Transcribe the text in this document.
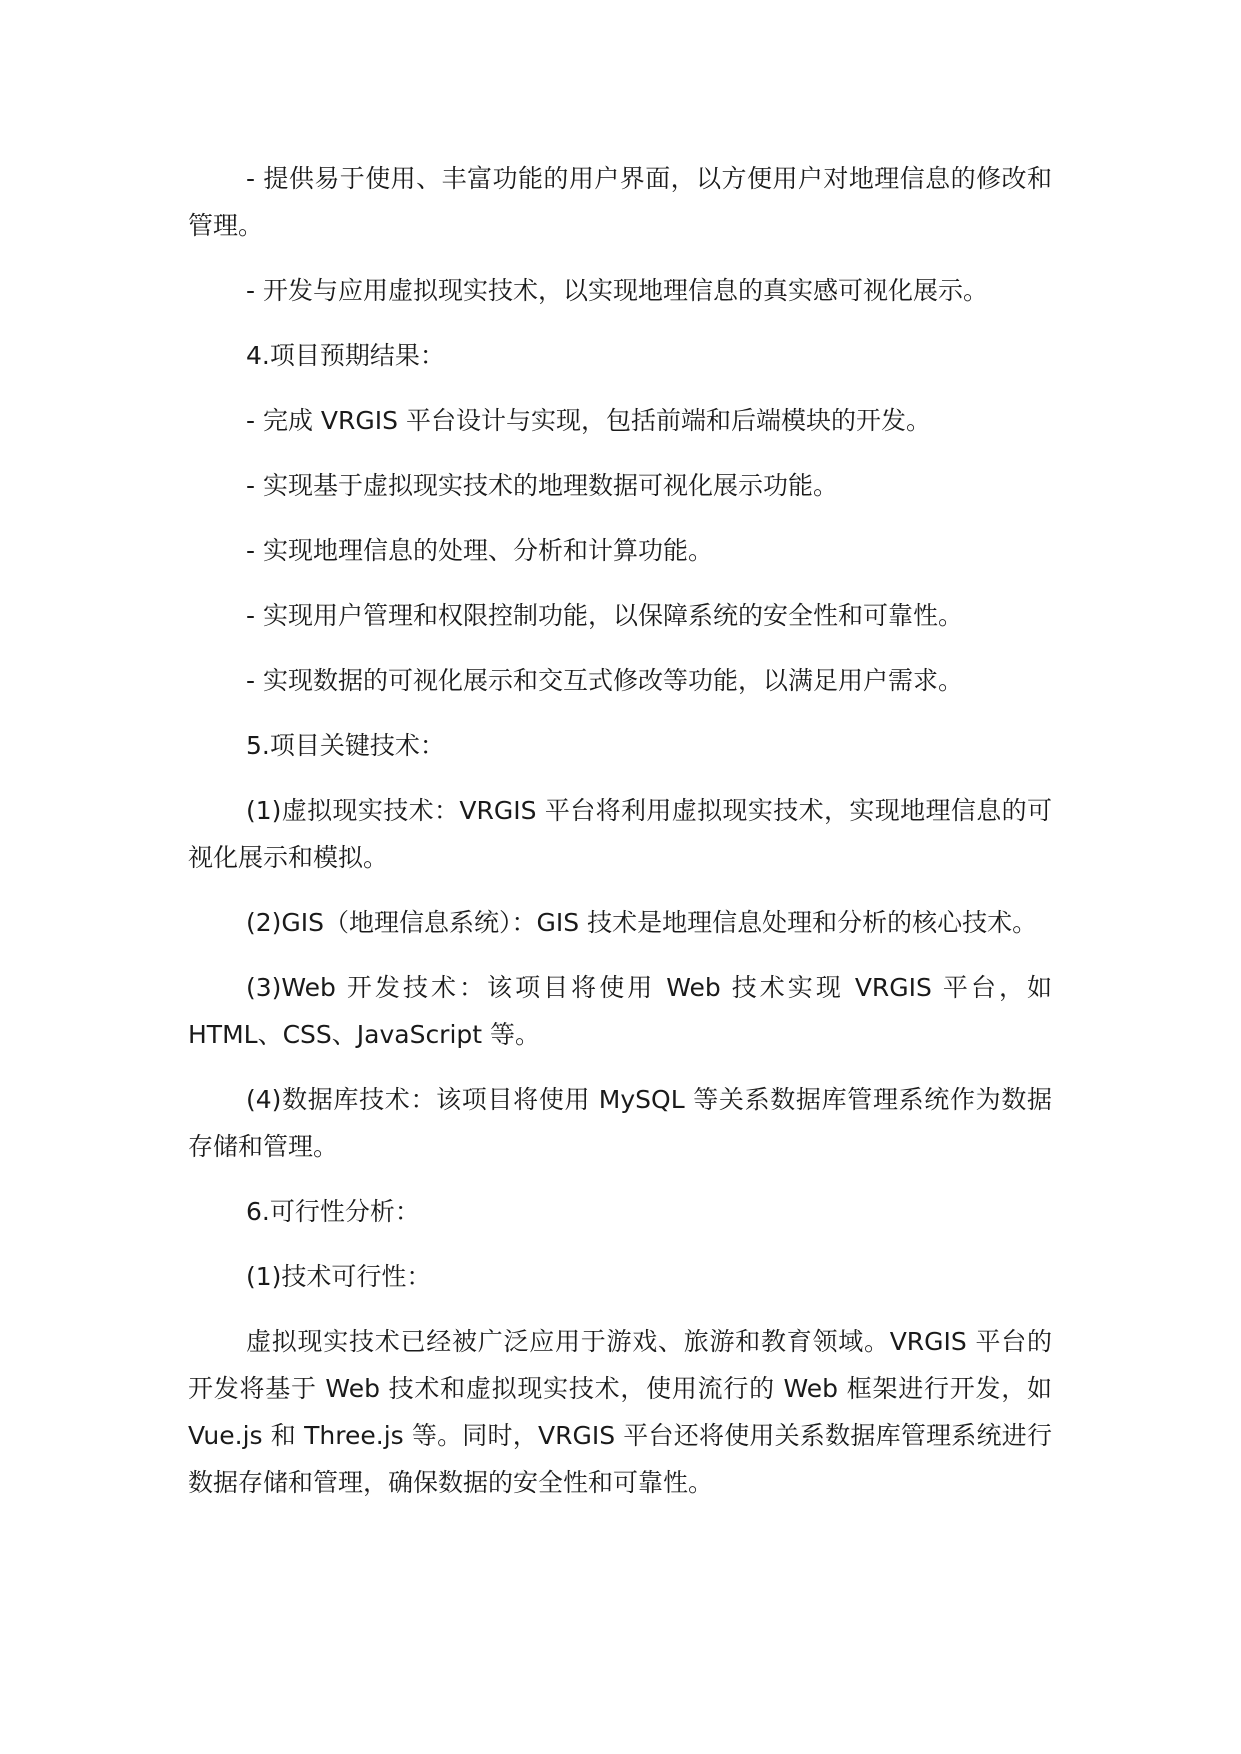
- 提供易于使用、丰富功能的用户界面，以方便用户对地理信息的修改和管理。

- 开发与应用虚拟现实技术，以实现地理信息的真实感可视化展示。

4.项目预期结果：

- 完成 VRGIS 平台设计与实现，包括前端和后端模块的开发。

- 实现基于虚拟现实技术的地理数据可视化展示功能。

- 实现地理信息的处理、分析和计算功能。

- 实现用户管理和权限控制功能，以保障系统的安全性和可靠性。

- 实现数据的可视化展示和交互式修改等功能，以满足用户需求。

5.项目关键技术：

(1)虚拟现实技术：VRGIS 平台将利用虚拟现实技术，实现地理信息的可视化展示和模拟。

(2)GIS（地理信息系统）：GIS 技术是地理信息处理和分析的核心技术。

(3)Web 开发技术：该项目将使用 Web 技术实现 VRGIS 平台，如 HTML、CSS、JavaScript 等。

(4)数据库技术：该项目将使用 MySQL 等关系数据库管理系统作为数据存储和管理。

6.可行性分析：

(1)技术可行性：

虚拟现实技术已经被广泛应用于游戏、旅游和教育领域。VRGIS 平台的开发将基于 Web 技术和虚拟现实技术，使用流行的 Web 框架进行开发，如 Vue.js 和 Three.js 等。同时，VRGIS 平台还将使用关系数据库管理系统进行数据存储和管理，确保数据的安全性和可靠性。
